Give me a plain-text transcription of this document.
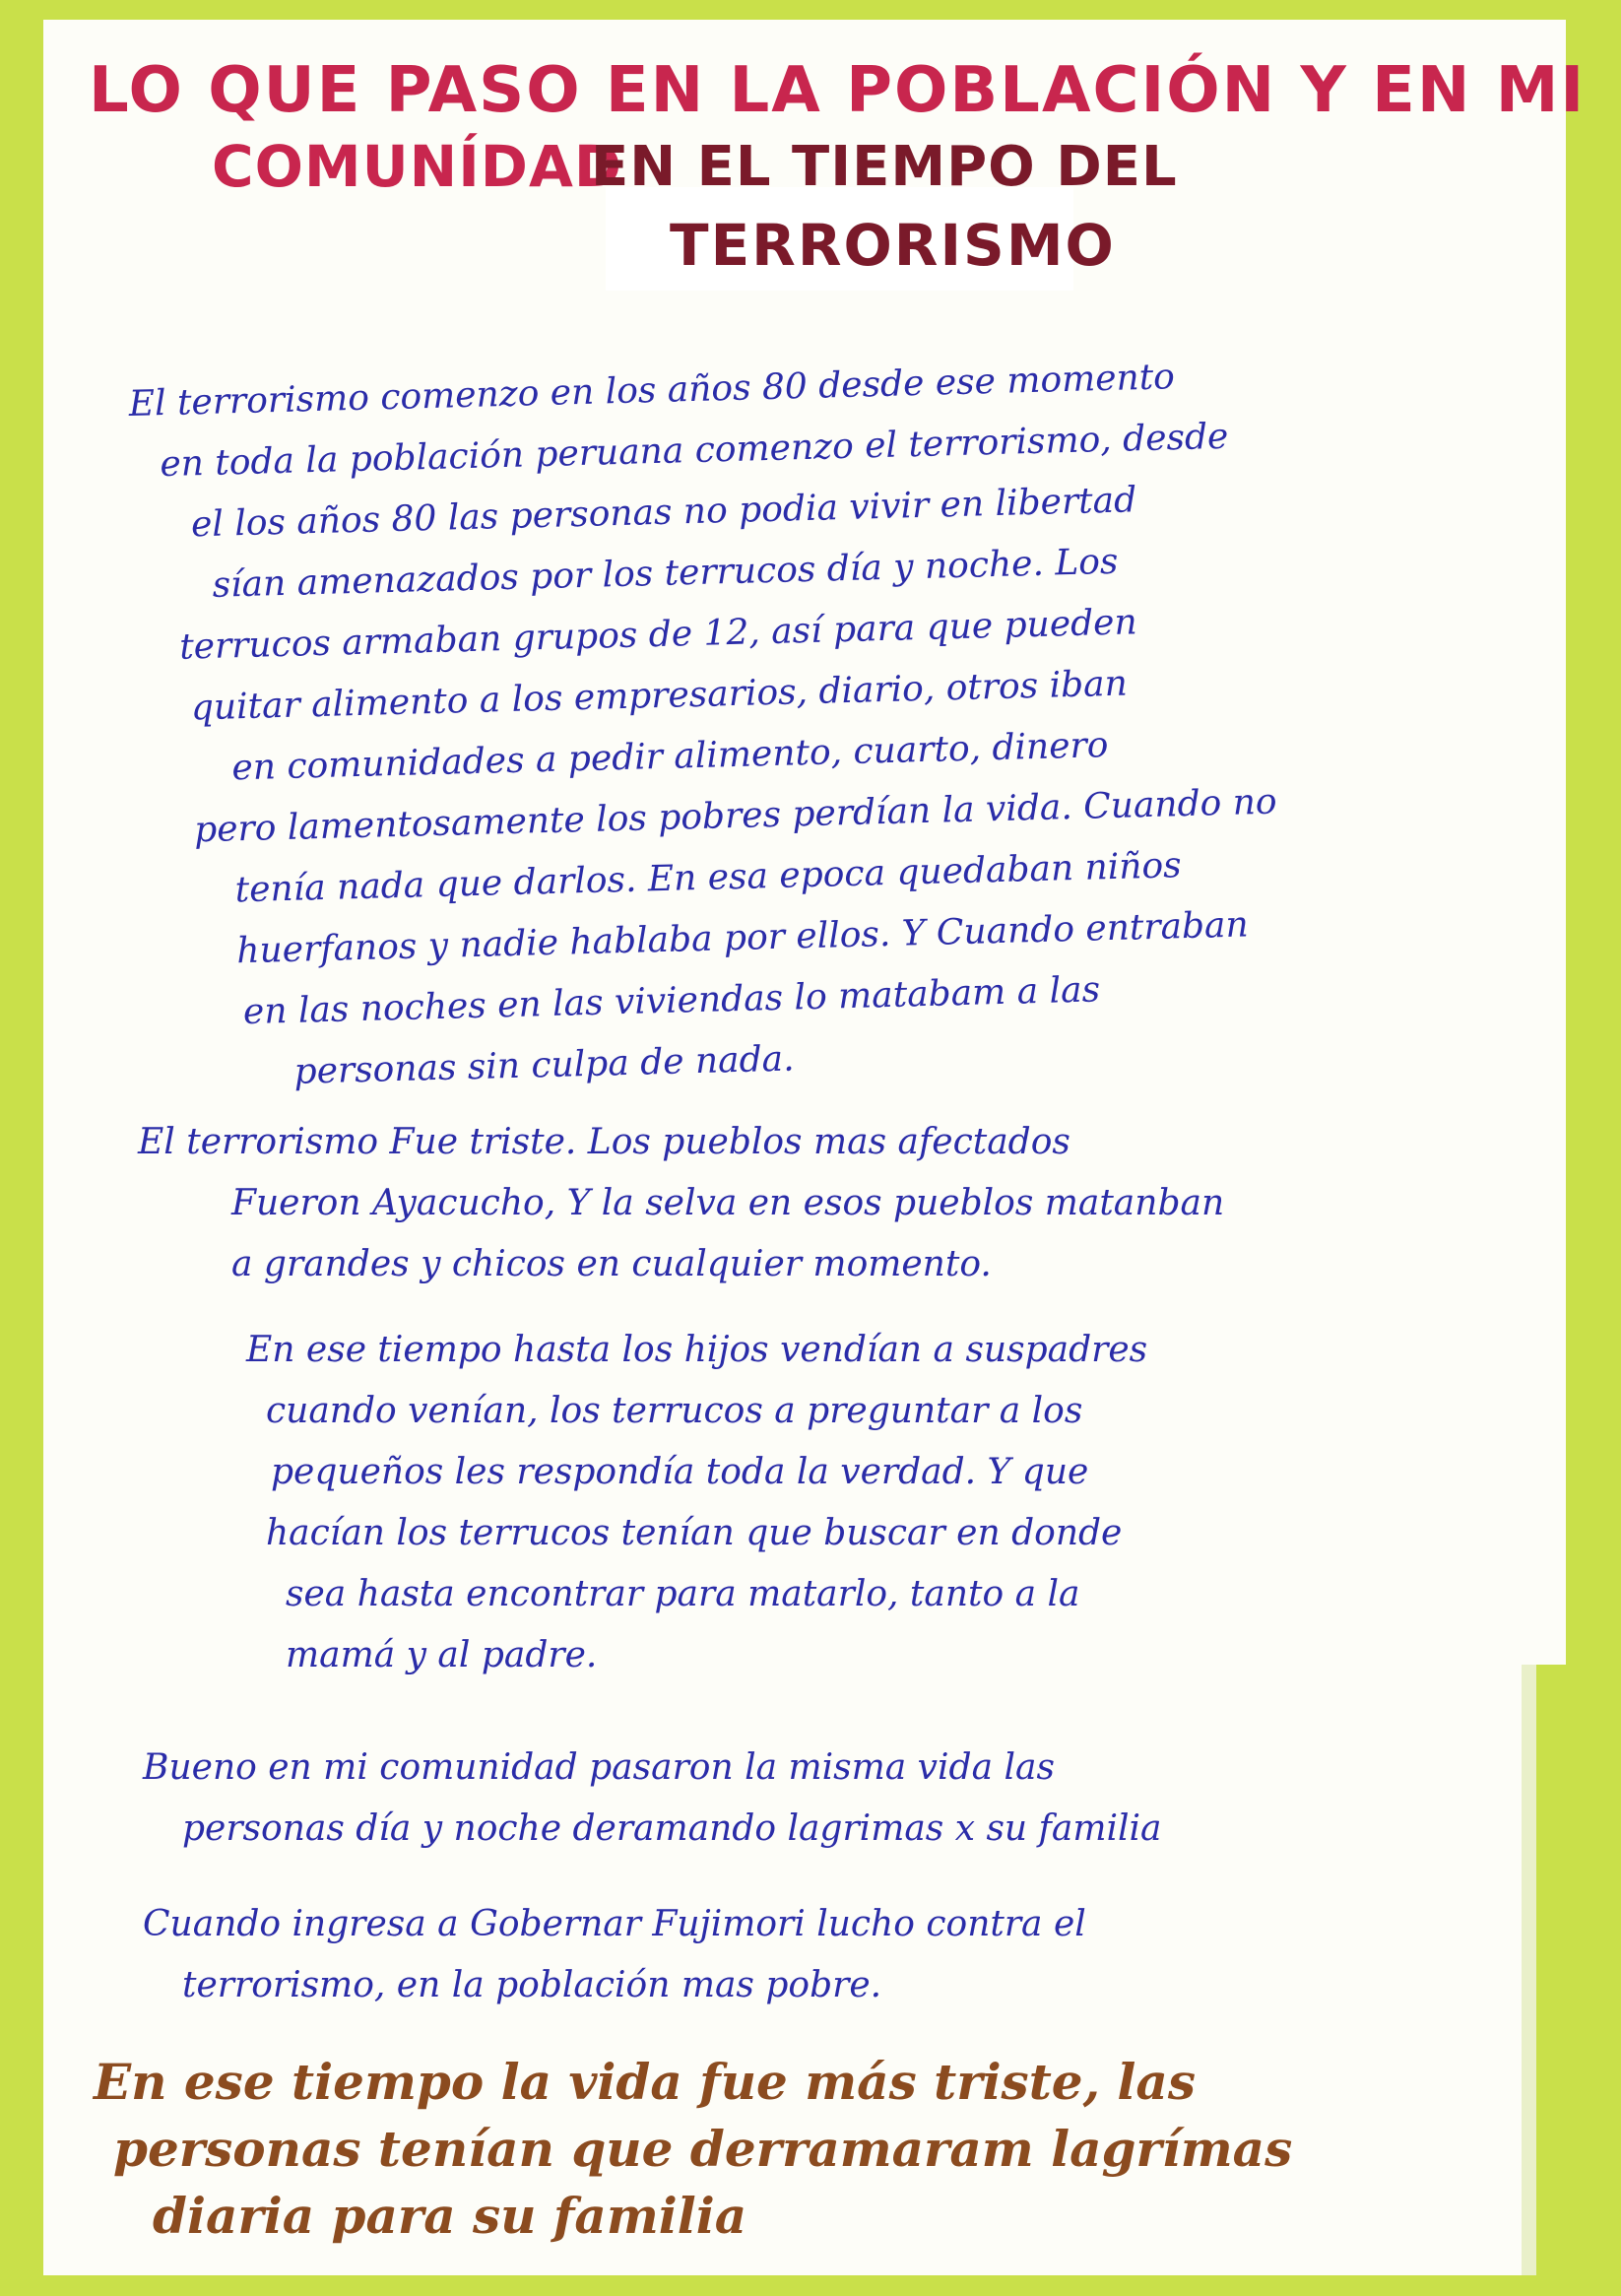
LO QUE PASO EN LA POBLACIÓN Y EN MI
COMUNÍDAD
EN EL TIEMPO DEL
TERRORISMO
El terrorismo comenzo en los años 80 desde ese momento
en toda la población peruana comenzo el terrorismo, desde
el los años 80 las personas no podia vivir en libertad
sían amenazados por los terrucos día y noche. Los
terrucos armaban grupos de 12, así para que pueden
quitar alimento a los empresarios, diario, otros iban
en comunidades a pedir alimento, cuarto, dinero
pero lamentosamente los pobres perdían la vida. Cuando no
tenía nada que darlos. En esa epoca quedaban niños
huerfanos y nadie hablaba por ellos. Y Cuando entraban
en las noches en las viviendas lo matabam a las
personas sin culpa de nada.
El terrorismo Fue triste. Los pueblos mas afectados
Fueron Ayacucho, Y la selva en esos pueblos matanban
a grandes y chicos en cualquier momento.
En ese tiempo hasta los hijos vendían a suspadres
cuando venían, los terrucos a preguntar a los
pequeños les respondía toda la verdad. Y que
hacían los terrucos tenían que buscar en donde
sea hasta encontrar para matarlo, tanto a la
mamá y al padre.
Bueno en mi comunidad pasaron la misma vida las
personas día y noche deramando lagrimas x su familia
Cuando ingresa a Gobernar Fujimori lucho contra el
terrorismo, en la población mas pobre.
En ese tiempo la vida fue más triste, las
personas tenían que derramaram lagrímas
diaria para su familia
